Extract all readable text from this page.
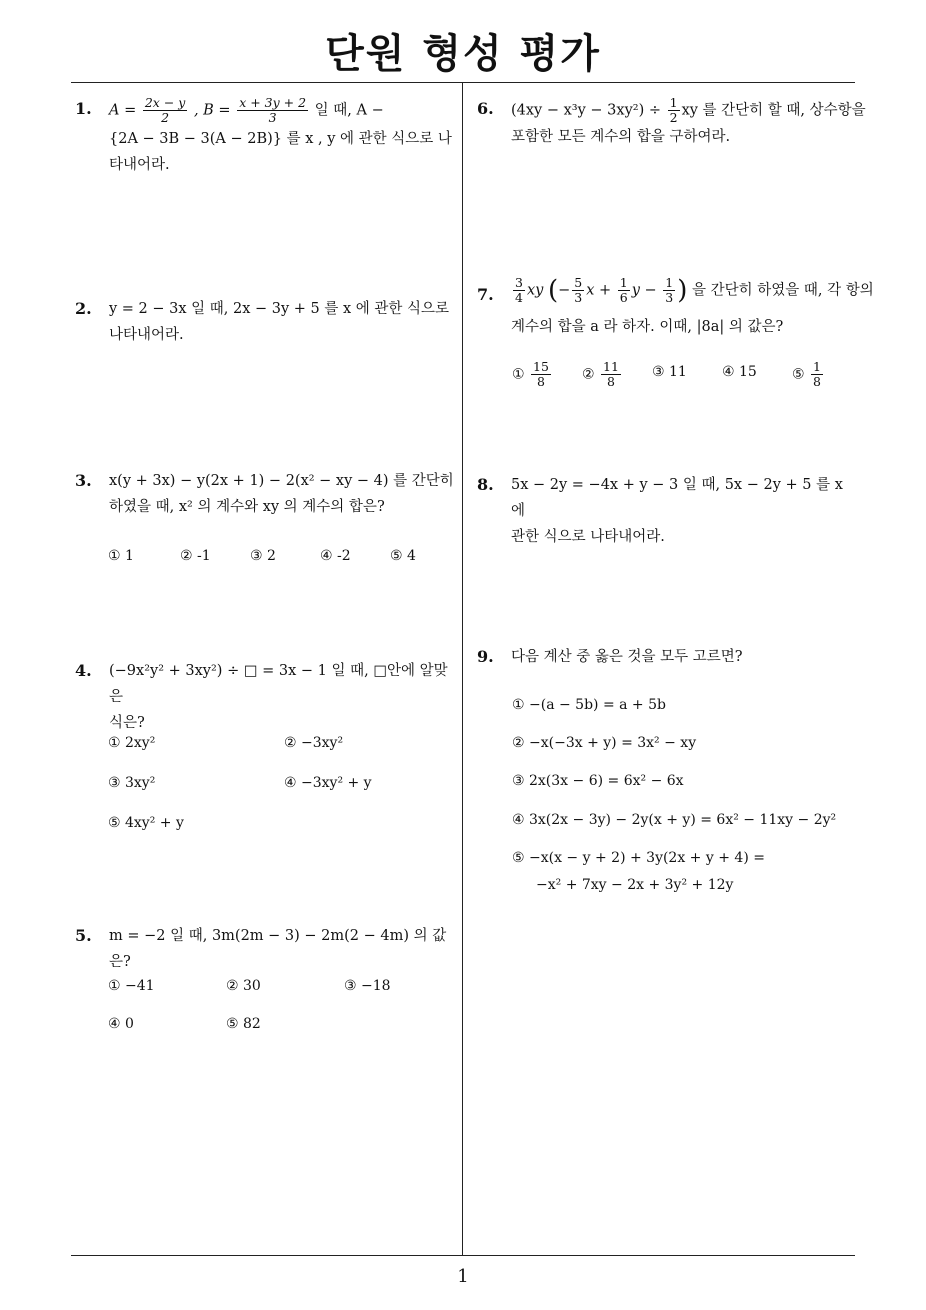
단원 형성 평가
1
1. $A = \frac{2x - y}{2}$ , $B = \frac{x + 3y + 2}{3}$ 일 때, A −
{2A − 3B − 3(A − 2B)} 를 x , y 에 관한 식으로 나
타내어라.
2. y = 2 − 3x 일 때, 2x − 3y + 5 를 x 에 관한 식으로
나타내어라.
3. x(y + 3x) − y(2x + 1) − 2(x² − xy − 4) 를 간단히
하였을 때, x² 의 계수와 xy 의 계수의 합은?
① 1	② -1	③ 2	④ -2	⑤ 4
4. (−9x²y² + 3xy²) ÷ □ = 3x − 1 일 때, □안에 알맞은
식은?
① 2xy²	② −3xy²
③ 3xy²	④ −3xy² + y
⑤ 4xy² + y
5. m = −2 일 때, 3m(2m − 3) − 2m(2 − 4m) 의 값은?
① −41	② 30	③ −18
④ 0	⑤ 82
6. $(4xy - x^3y - 3xy^2) \div \frac{1}{2}$ xy 를 간단히 할 때, 상수항을
포함한 모든 계수의 합을 구하여라.
7. $\frac{3}{4}$ xy (− $\frac{5}{3}$ $x + \frac{1}{6}$ $y - \frac{1}{3}$ ) 을 간단히 하였을 때, 각 항의
계수의 합을 a 라 하자. 이때, |8a| 의 값은?
① $\frac{15}{8}$ ② $\frac{11}{8}$ ③ 11	④ 15	⑤ $\frac{1}{8}$
8. 5x − 2y = −4x + y − 3 일 때, 5x − 2y + 5 를 x 에
관한 식으로 나타내어라.
9. 다음 계산 중 옳은 것을 모두 고르면?
① −(a − 5b) = a + 5b
② −x(−3x + y) = 3x² − xy
③ 2x(3x − 6) = 6x² − 6x
④ 3x(2x − 3y) − 2y(x + y) = 6x² − 11xy − 2y²
⑤ −x(x − y + 2) + 3y(2x + y + 4) =
−x² + 7xy − 2x + 3y² + 12y
